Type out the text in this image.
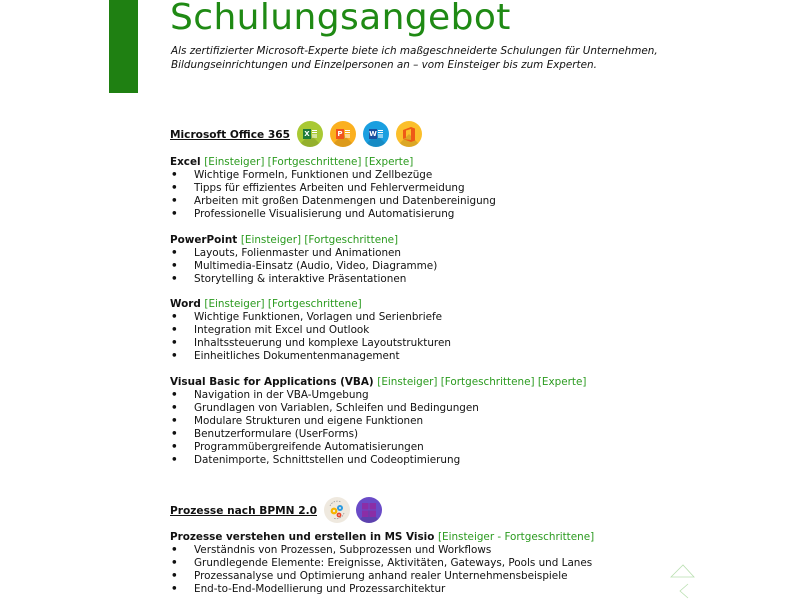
Schulungsangebot
Als zertifizierter Microsoft-Experte biete ich maßgeschneiderte Schulungen für Unternehmen,
Bildungseinrichtungen und Einzelpersonen an – vom Einsteiger bis zum Experten.
Microsoft Office 365 X	P	W
Excel [Einsteiger] [Fortgeschrittene] [Experte]
•	Wichtige Formeln, Funktionen und Zellbezüge
•	Tipps für effizientes Arbeiten und Fehlervermeidung
•	Arbeiten mit großen Datenmengen und Datenbereinigung
•	Professionelle Visualisierung und Automatisierung
PowerPoint [Einsteiger] [Fortgeschrittene]
•	Layouts, Folienmaster und Animationen
•	Multimedia-Einsatz (Audio, Video, Diagramme)
•	Storytelling & interaktive Präsentationen
Word [Einsteiger] [Fortgeschrittene]
•	Wichtige Funktionen, Vorlagen und Serienbriefe
•	Integration mit Excel und Outlook
•	Inhaltssteuerung und komplexe Layoutstrukturen
•	Einheitliches Dokumentenmanagement
Visual Basic for Applications (VBA) [Einsteiger] [Fortgeschrittene] [Experte]
•	Navigation in der VBA-Umgebung
•	Grundlagen von Variablen, Schleifen und Bedingungen
•	Modulare Strukturen und eigene Funktionen
•	Benutzerformulare (UserForms)
•	Programmübergreifende Automatisierungen
•	Datenimporte, Schnittstellen und Codeoptimierung
Prozesse nach BPMN 2.0
Prozesse verstehen und erstellen in MS Visio [Einsteiger - Fortgeschrittene]
•	Verständnis von Prozessen, Subprozessen und Workflows
•	Grundlegende Elemente: Ereignisse, Aktivitäten, Gateways, Pools und Lanes
•	Prozessanalyse und Optimierung anhand realer Unternehmensbeispiele
•	End-to-End-Modellierung und Prozessarchitektur
